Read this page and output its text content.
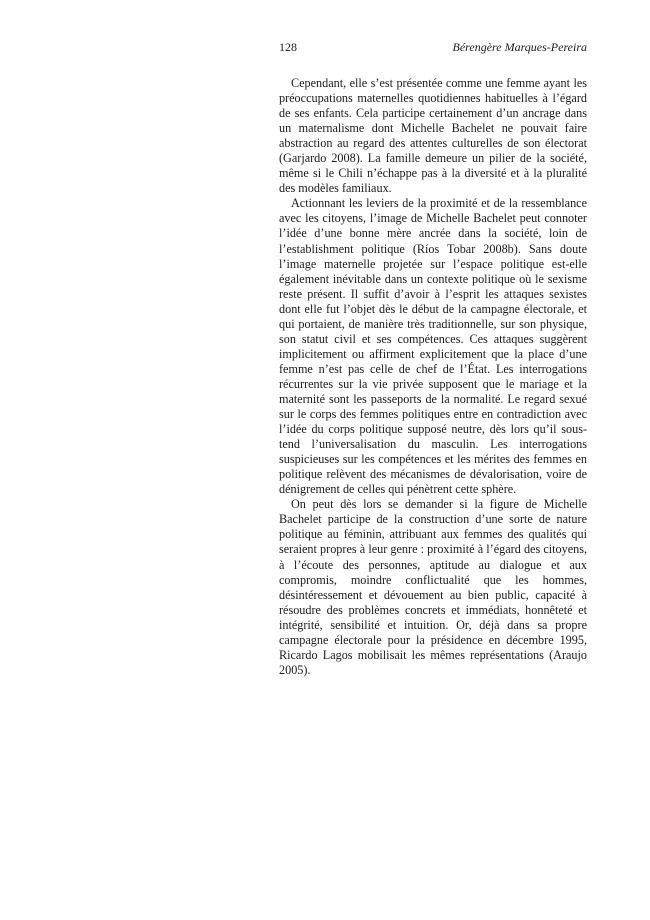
128	Bérengère Marques-Pereira

Cependant, elle s’est présentée comme une femme ayant les préoccupations maternelles quotidiennes habituelles à l’égard de ses enfants. Cela participe certainement d’un ancrage dans un maternalisme dont Michelle Bachelet ne pouvait faire abstraction au regard des attentes culturelles de son électorat (Garjardo 2008). La famille demeure un pilier de la société, même si le Chili n’échappe pas à la diversité et à la pluralité des modèles familiaux.

Actionnant les leviers de la proximité et de la ressemblance avec les citoyens, l’image de Michelle Bachelet peut connoter l’idée d’une bonne mère ancrée dans la société, loin de l’establishment politique (Ríos Tobar 2008b). Sans doute l’image maternelle projetée sur l’espace politique est-elle également inévitable dans un contexte politique où le sexisme reste présent. Il suffit d’avoir à l’esprit les attaques sexistes dont elle fut l’objet dès le début de la campagne électorale, et qui portaient, de manière très traditionnelle, sur son physique, son statut civil et ses compétences. Ces attaques suggèrent implicitement ou affirment explicitement que la place d’une femme n’est pas celle de chef de l’État. Les interrogations récurrentes sur la vie privée supposent que le mariage et la maternité sont les passeports de la normalité. Le regard sexué sur le corps des femmes politiques entre en contradiction avec l’idée du corps politique supposé neutre, dès lors qu’il sous-tend l’universalisation du masculin. Les interrogations suspicieuses sur les compétences et les mérites des femmes en politique relèvent des mécanismes de dévalorisation, voire de dénigrement de celles qui pénètrent cette sphère.

On peut dès lors se demander si la figure de Michelle Bachelet participe de la construction d’une sorte de nature politique au féminin, attribuant aux femmes des qualités qui seraient propres à leur genre : proximité à l’égard des citoyens, à l’écoute des personnes, aptitude au dialogue et aux compromis, moindre conflictualité que les hommes, désintéressement et dévouement au bien public, capacité à résoudre des problèmes concrets et immédiats, honnêteté et intégrité, sensibilité et intuition. Or, déjà dans sa propre campagne électorale pour la présidence en décembre 1995, Ricardo Lagos mobilisait les mêmes représentations (Araujo 2005).
